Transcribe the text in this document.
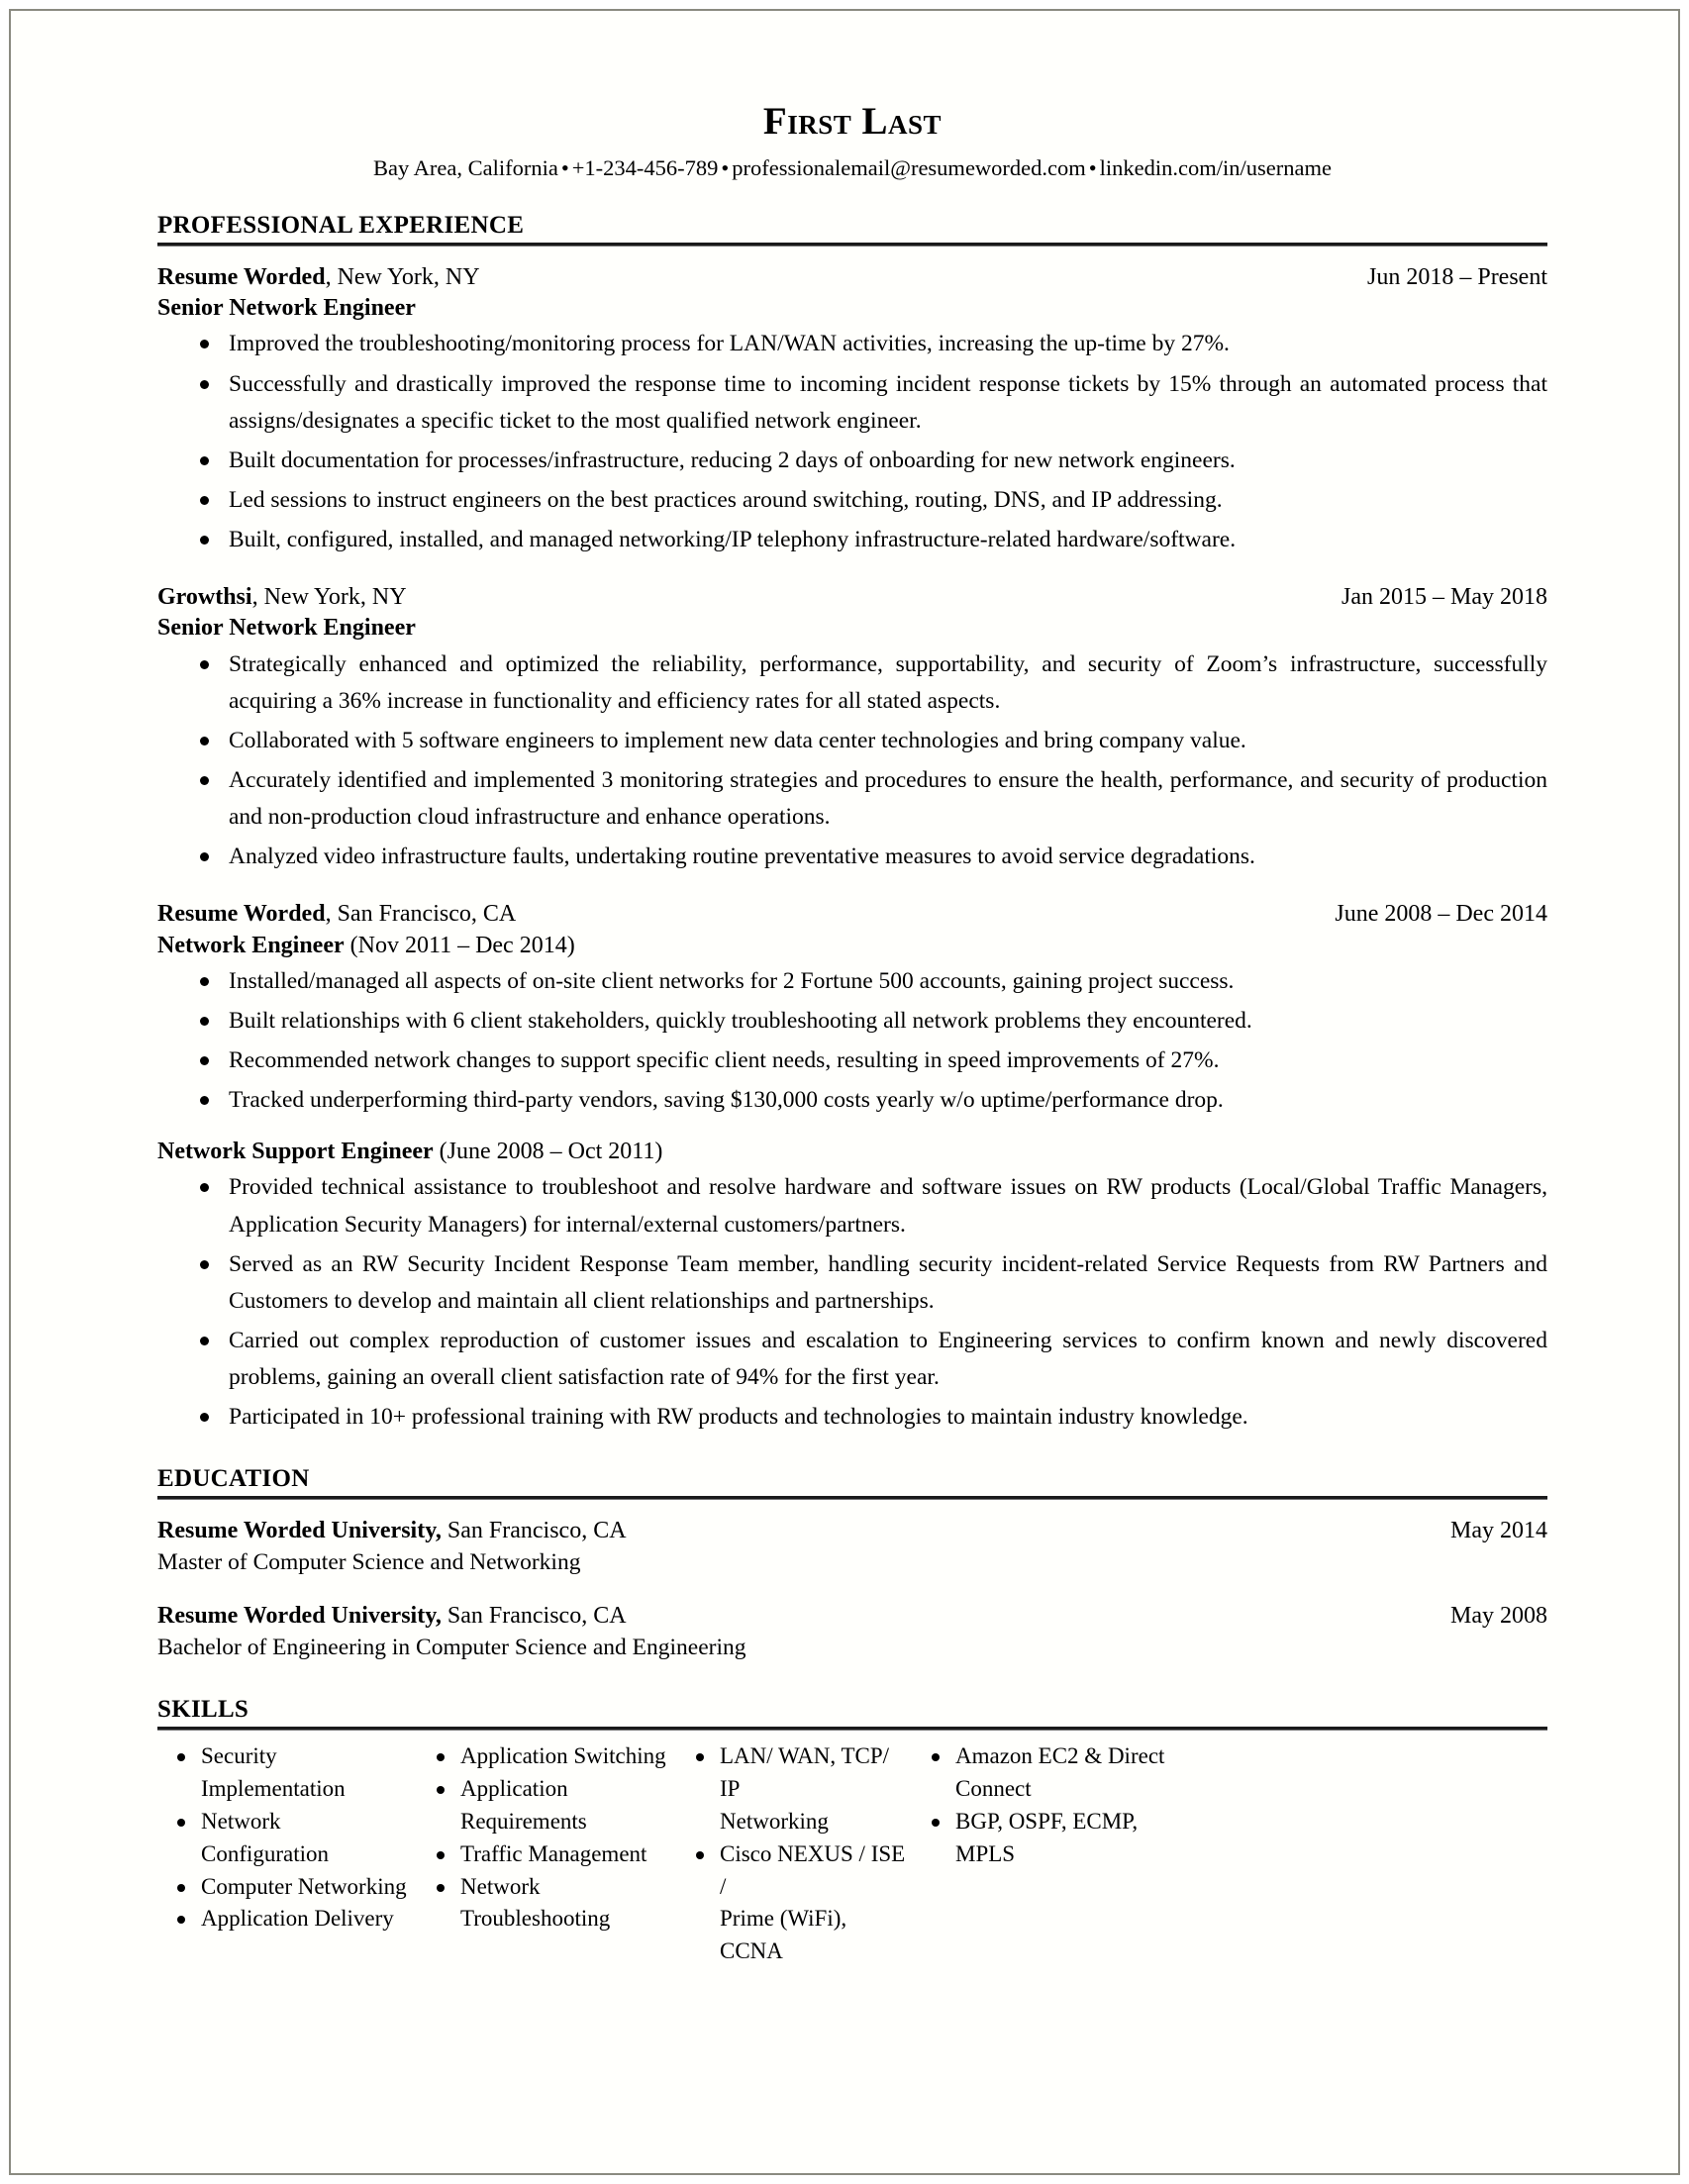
First Last
Bay Area, California • +1-234-456-789 • professionalemail@resumeworded.com • linkedin.com/in/username
PROFESSIONAL EXPERIENCE
Resume Worded, New York, NY	Jun 2018 – Present
Senior Network Engineer
Improved the troubleshooting/monitoring process for LAN/WAN activities, increasing the up-time by 27%.
Successfully and drastically improved the response time to incoming incident response tickets by 15% through an automated process that assigns/designates a specific ticket to the most qualified network engineer.
Built documentation for processes/infrastructure, reducing 2 days of onboarding for new network engineers.
Led sessions to instruct engineers on the best practices around switching, routing, DNS, and IP addressing.
Built, configured, installed, and managed networking/IP telephony infrastructure-related hardware/software.
Growthsi, New York, NY	Jan 2015 – May 2018
Senior Network Engineer
Strategically enhanced and optimized the reliability, performance, supportability, and security of Zoom’s infrastructure, successfully acquiring a 36% increase in functionality and efficiency rates for all stated aspects.
Collaborated with 5 software engineers to implement new data center technologies and bring company value.
Accurately identified and implemented 3 monitoring strategies and procedures to ensure the health, performance, and security of production and non-production cloud infrastructure and enhance operations.
Analyzed video infrastructure faults, undertaking routine preventative measures to avoid service degradations.
Resume Worded, San Francisco, CA	June 2008 – Dec 2014
Network Engineer (Nov 2011 – Dec 2014)
Installed/managed all aspects of on-site client networks for 2 Fortune 500 accounts, gaining project success.
Built relationships with 6 client stakeholders, quickly troubleshooting all network problems they encountered.
Recommended network changes to support specific client needs, resulting in speed improvements of 27%.
Tracked underperforming third-party vendors, saving $130,000 costs yearly w/o uptime/performance drop.
Network Support Engineer (June 2008 – Oct 2011)
Provided technical assistance to troubleshoot and resolve hardware and software issues on RW products (Local/Global Traffic Managers, Application Security Managers) for internal/external customers/partners.
Served as an RW Security Incident Response Team member, handling security incident-related Service Requests from RW Partners and Customers to develop and maintain all client relationships and partnerships.
Carried out complex reproduction of customer issues and escalation to Engineering services to confirm known and newly discovered problems, gaining an overall client satisfaction rate of 94% for the first year.
Participated in 10+ professional training with RW products and technologies to maintain industry knowledge.
EDUCATION
Resume Worded University, San Francisco, CA	May 2014
Master of Computer Science and Networking
Resume Worded University, San Francisco, CA	May 2008
Bachelor of Engineering in Computer Science and Engineering
SKILLS
Security Implementation
Network Configuration
Computer Networking
Application Delivery
Application Switching
Application Requirements
Traffic Management
Network Troubleshooting
LAN/ WAN, TCP/ IP
Networking
Cisco NEXUS / ISE /
Prime (WiFi), CCNA
Amazon EC2 & Direct
Connect
BGP, OSPF, ECMP,
MPLS
